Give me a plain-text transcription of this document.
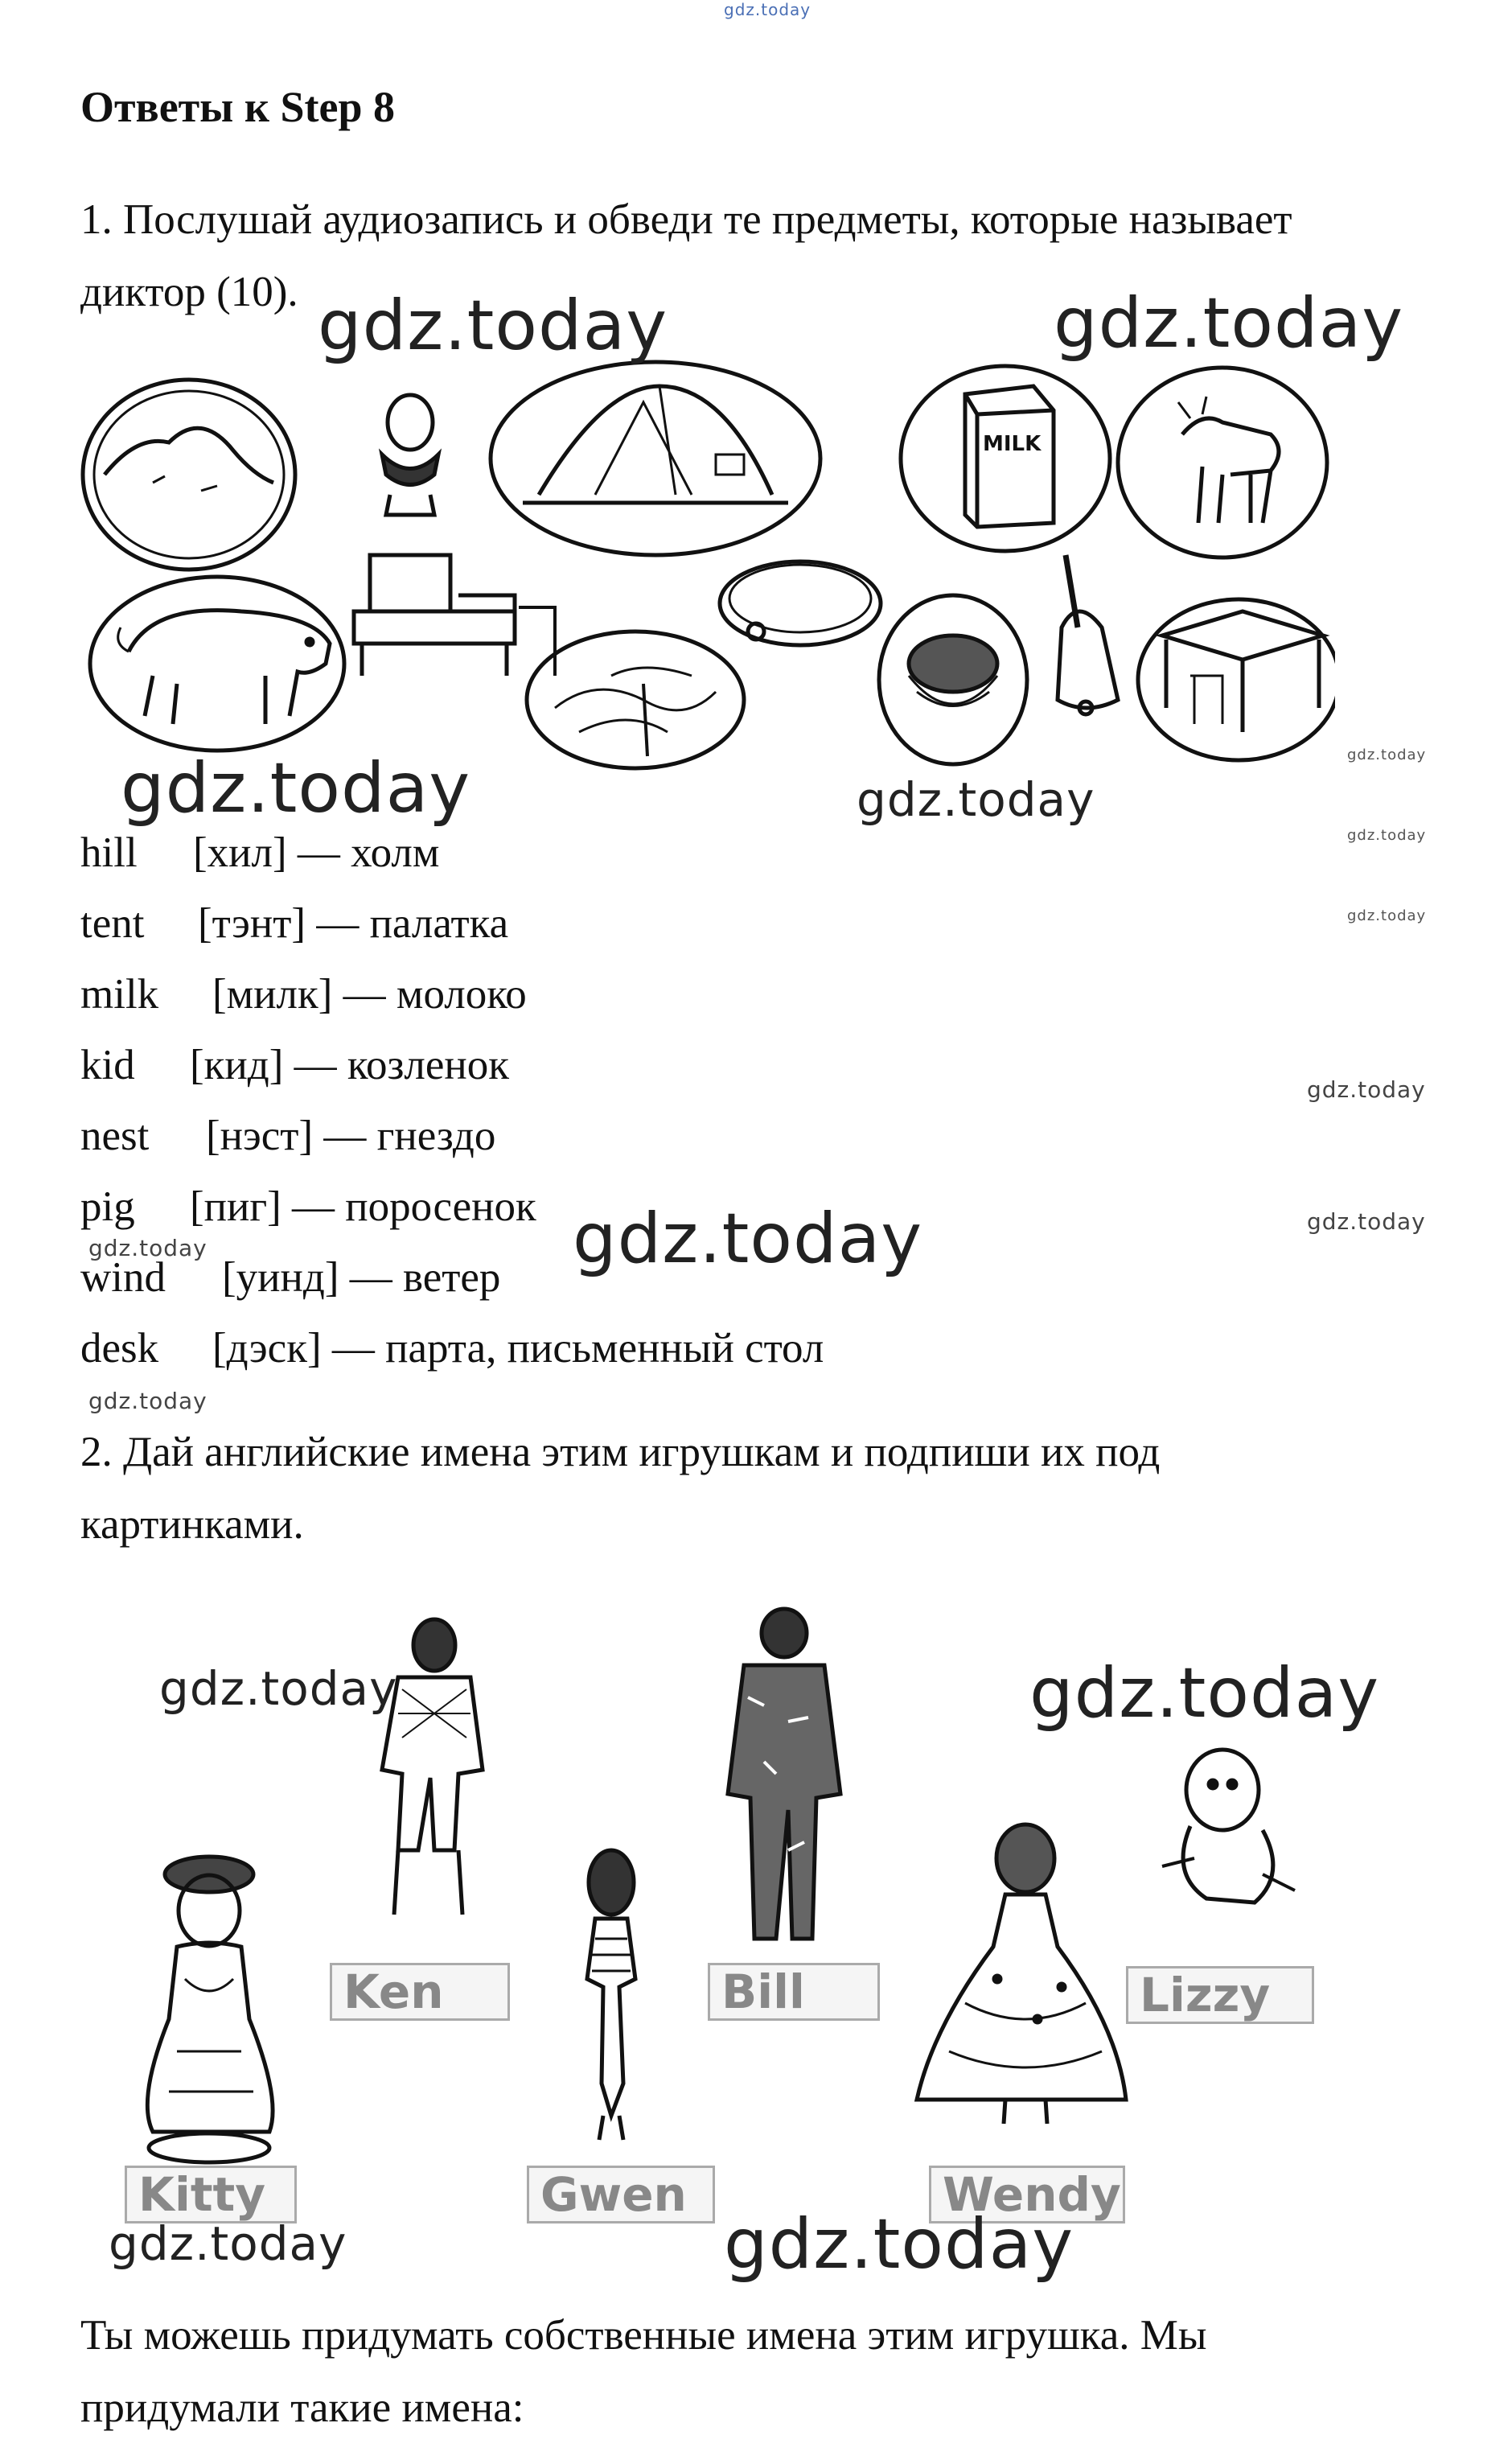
gdz.today
Ответы к Step 8
1. Послушай аудиозапись и обведи те предметы, которые называет
диктор (10).
MILK
hill [хил] — холм
tent [тэнт] — палатка
milk [милк] — молоко
kid [кид] — козленок
nest [нэст] — гнездо
pig [пиг] — поросенок
wind [уинд] — ветер
desk [дэск] — парта, письменный стол
2. Дай английские имена этим игрушкам и подпиши их под
картинками.
Ken	Bill	Lizzy
Kitty	Gwen	Wendy
Ты можешь придумать собственные имена этим игрушка. Мы
придумали такие имена:
gdz.today	gdz.today
gdz.today	gdz.today
gdz.today
gdz.today
gdz.today
gdz.today
gdz.today
gdz.today
gdz.today
gdz.today
gdz.today	gdz.today
gdz.today	gdz.today
